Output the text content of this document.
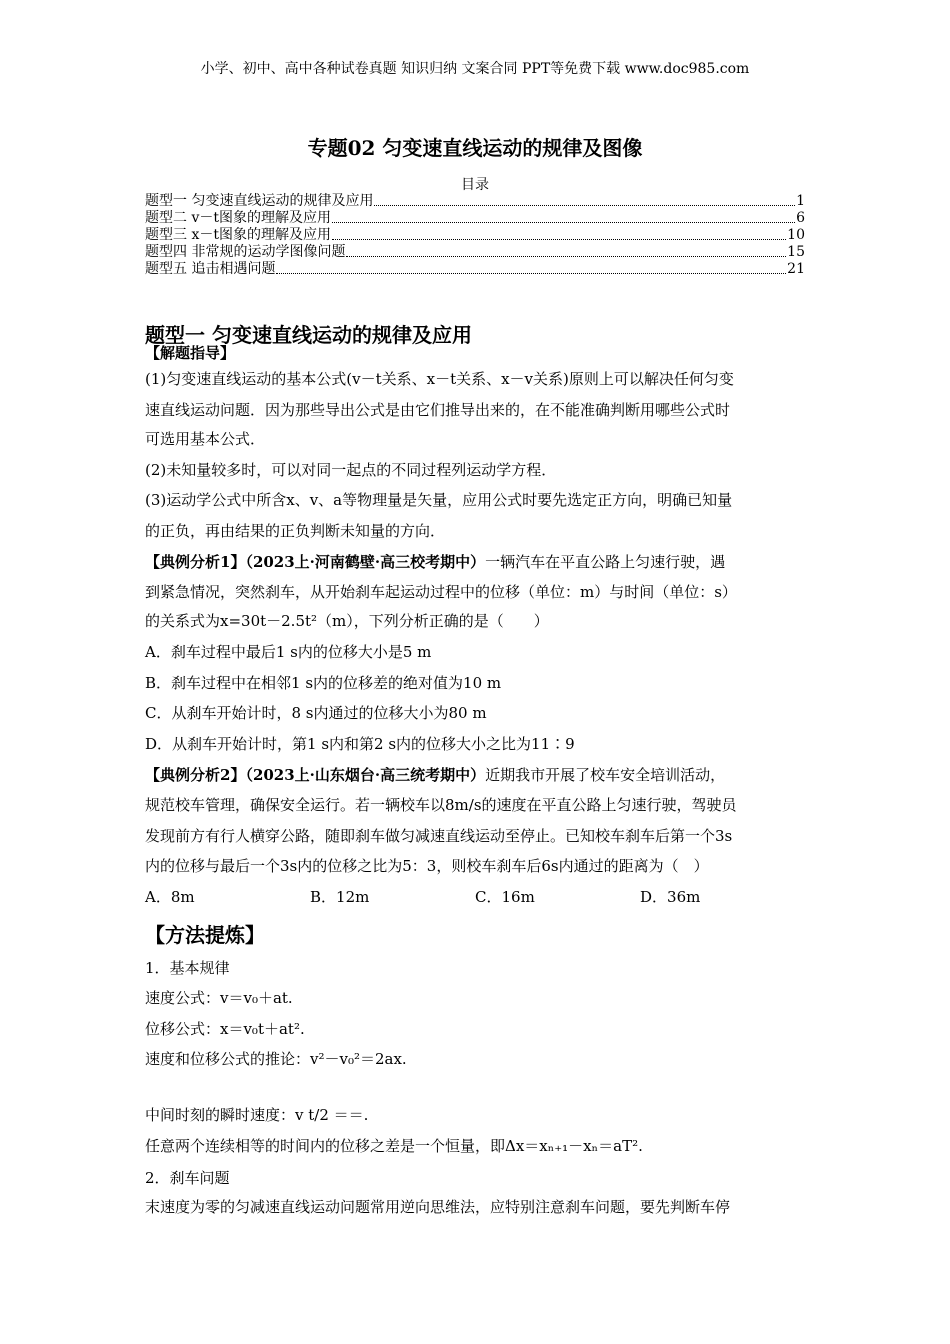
小学、初中、高中各种试卷真题 知识归纳 文案合同 PPT等免费下载 www.doc985.com
专题02 匀变速直线运动的规律及图像
目录
题型一 匀变速直线运动的规律及应用
【解题指导】
【方法提炼】
题型一 匀变速直线运动的规律及应用	1
题型二 v－t图象的理解及应用	6
题型三 x－t图象的理解及应用	10
题型四 非常规的运动学图像问题	15
题型五 追击相遇问题	21
(1)匀变速直线运动的基本公式(v－t关系、x－t关系、x－v关系)原则上可以解决任何匀变
速直线运动问题．因为那些导出公式是由它们推导出来的，在不能准确判断用哪些公式时
可选用基本公式．
(2)未知量较多时，可以对同一起点的不同过程列运动学方程．
(3)运动学公式中所含x、v、a等物理量是矢量，应用公式时要先选定正方向，明确已知量
的正负，再由结果的正负判断未知量的方向．
【典例分析1】（2023上·河南鹤壁·高三校考期中）一辆汽车在平直公路上匀速行驶，遇
到紧急情况，突然刹车，从开始刹车起运动过程中的位移（单位：m）与时间（单位：s）
的关系式为x=30t－2.5t²（m），下列分析正确的是（　　）
A．刹车过程中最后1 s内的位移大小是5 m
B．刹车过程中在相邻1 s内的位移差的绝对值为10 m
C．从刹车开始计时，8 s内通过的位移大小为80 m
D．从刹车开始计时，第1 s内和第2 s内的位移大小之比为11∶9
【典例分析2】（2023上·山东烟台·高三统考期中）近期我市开展了校车安全培训活动，
规范校车管理，确保安全运行。若一辆校车以8m/s的速度在平直公路上匀速行驶，驾驶员
发现前方有行人横穿公路，随即刹车做匀减速直线运动至停止。已知校车刹车后第一个3s
内的位移与最后一个3s内的位移之比为5：3，则校车刹车后6s内通过的距离为（　）
A．8m	B．12m	C．16m	D．36m
1．基本规律
速度公式：v＝v₀＋at.
位移公式：x＝v₀t＋at².
速度和位移公式的推论：v²－v₀²＝2ax.
中间时刻的瞬时速度：v t/2 ＝＝.
任意两个连续相等的时间内的位移之差是一个恒量，即Δx＝xₙ₊₁－xₙ＝aT².
2．刹车问题
末速度为零的匀减速直线运动问题常用逆向思维法，应特别注意刹车问题，要先判断车停
